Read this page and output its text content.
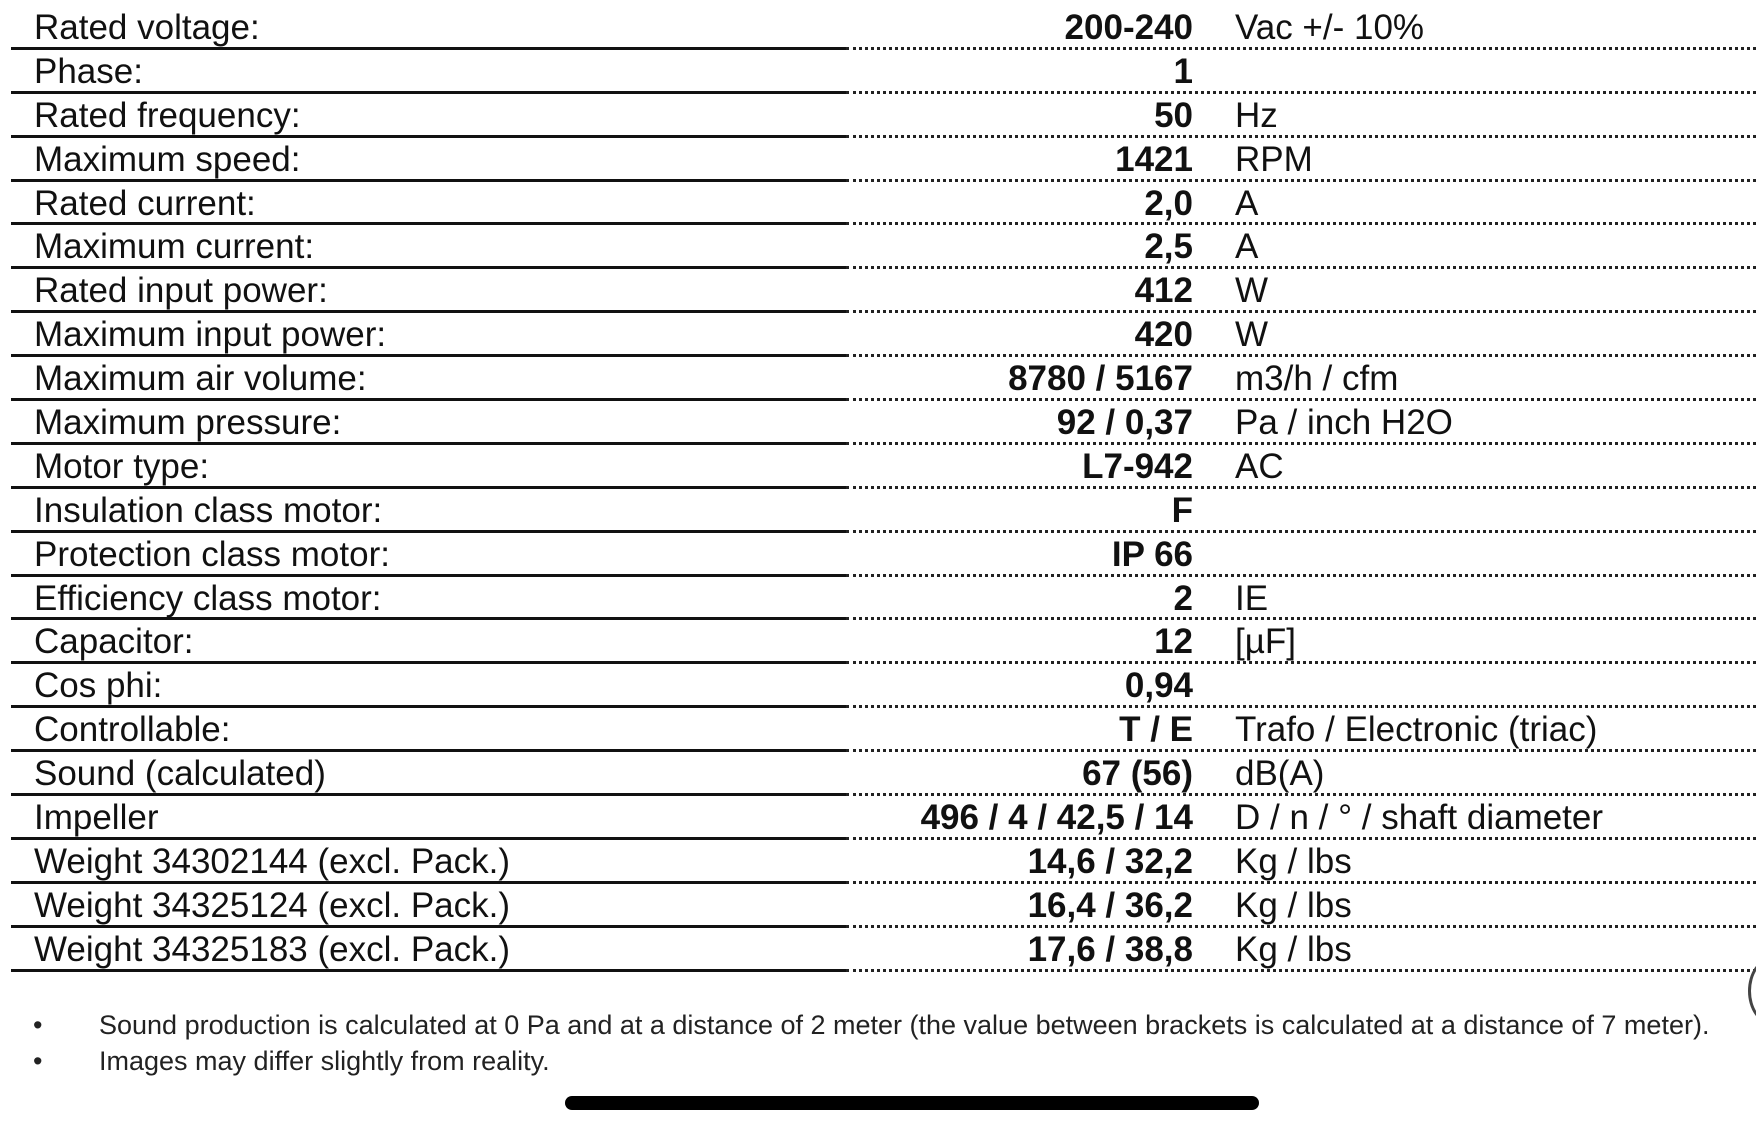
Rated voltage:	200-240	Vac +/- 10%
Phase:	1
Rated frequency:	50	Hz
Maximum speed:	1421	RPM
Rated current:	2,0	A
Maximum current:	2,5	A
Rated input power:	412	W
Maximum input power:	420	W
Maximum air volume:	8780 / 5167	m3/h / cfm
Maximum pressure:	92 / 0,37	Pa / inch H2O
Motor type:	L7-942	AC
Insulation class motor:	F
Protection class motor:	IP 66
Efficiency class motor:	2	IE
Capacitor:	12	[µF]
Cos phi:	0,94
Controllable:	T / E	Trafo / Electronic (triac)
Sound (calculated)	67 (56)	dB(A)
Impeller	496 / 4 / 42,5 / 14	D / n / ° / shaft diameter
Weight 34302144 (excl. Pack.)	14,6 / 32,2	Kg / lbs
Weight 34325124 (excl. Pack.)	16,4 / 36,2	Kg / lbs
Weight 34325183 (excl. Pack.)	17,6 / 38,8	Kg / lbs
• Sound production is calculated at 0 Pa and at a distance of 2 meter (the value between brackets is calculated at a distance of 7 meter).
• Images may differ slightly from reality.
